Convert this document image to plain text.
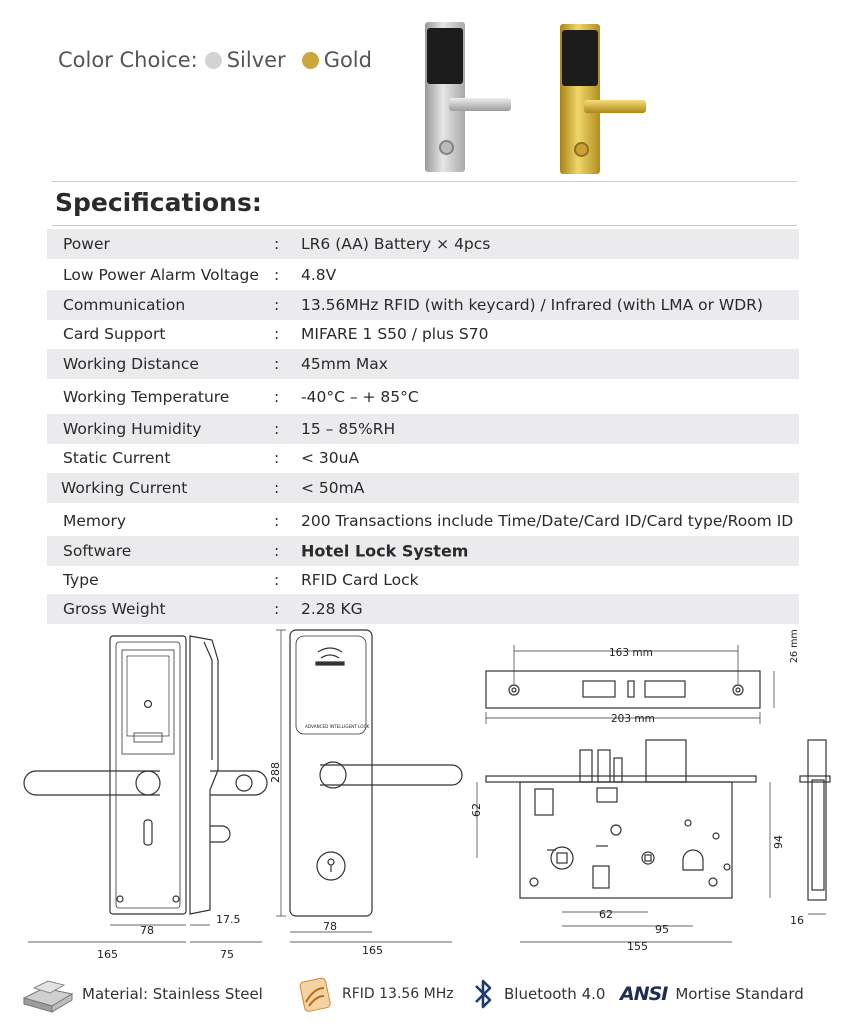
Color Choice: Silver Gold
Specifications:
Power	: LR6 (AA) Battery × 4pcs
Low Power Alarm Voltage : 4.8V
Communication	: 13.56MHz RFID (with keycard) / Infrared (with LMA or WDR)
Card Support	: MIFARE 1 S50 / plus S70
Working Distance	: 45mm Max
Working Temperature	: -40°C – + 85°C
Working Humidity	: 15 – 85%RH
Static Current	: < 30uA
Working Current	: < 50mA
Memory	: 200 Transactions include Time/Date/Card ID/Card type/Room ID
Software	: Hotel Lock System
Type	: RFID Card Lock
Gross Weight	: 2.28 KG
78
165
17.5
75
288
78
165
ADVANCED INTELLIGENT LOCK
163 mm
203 mm
26 mm
62
94
16
62
95
155
Material: Stainless Steel	RFID 13.56 MHz	Bluetooth 4.0 ANSI Mortise Standard
